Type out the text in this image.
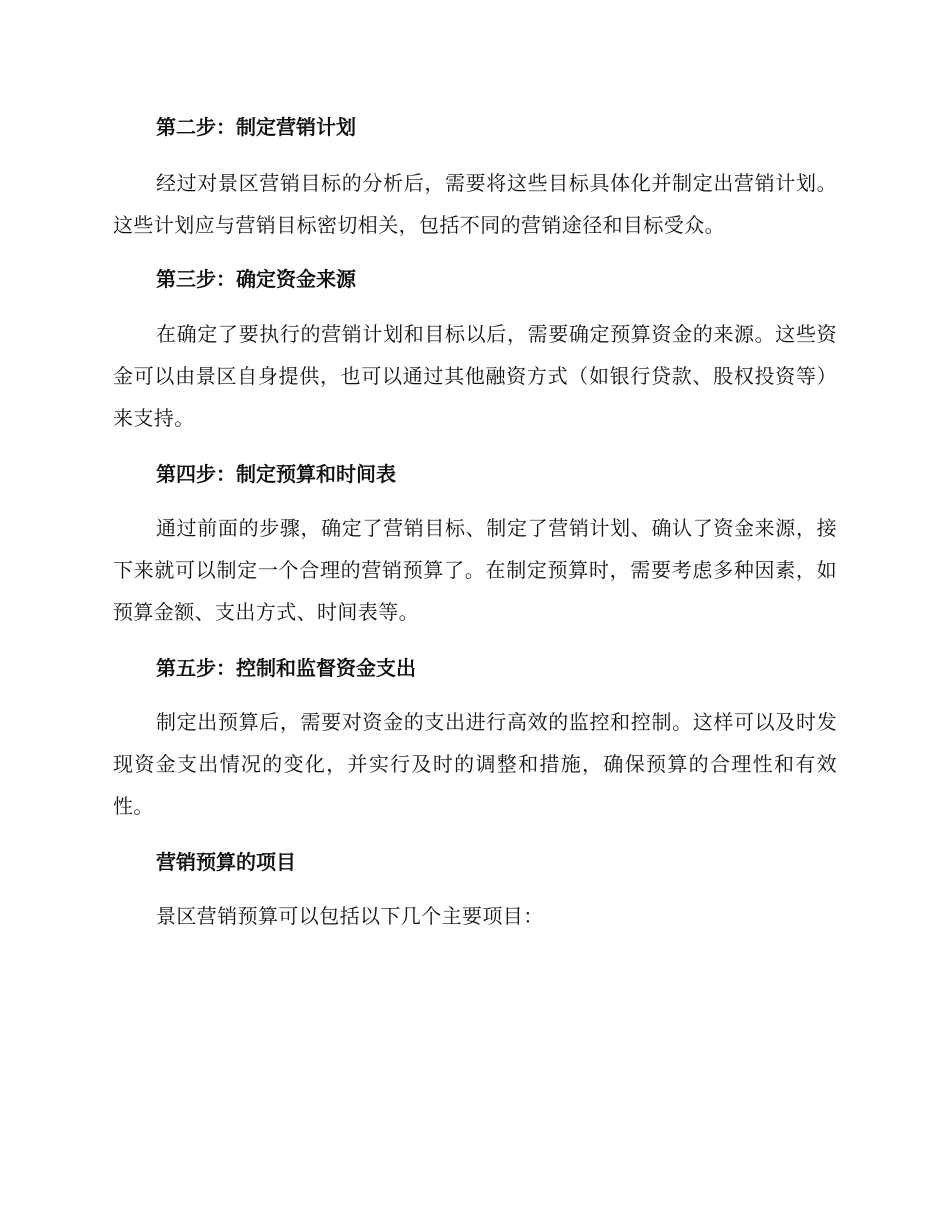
第二步：制定营销计划

经过对景区营销目标的分析后，需要将这些目标具体化并制定出营销计划。这些计划应与营销目标密切相关，包括不同的营销途径和目标受众。

第三步：确定资金来源

在确定了要执行的营销计划和目标以后，需要确定预算资金的来源。这些资金可以由景区自身提供，也可以通过其他融资方式（如银行贷款、股权投资等）来支持。

第四步：制定预算和时间表

通过前面的步骤，确定了营销目标、制定了营销计划、确认了资金来源，接下来就可以制定一个合理的营销预算了。在制定预算时，需要考虑多种因素，如预算金额、支出方式、时间表等。

第五步：控制和监督资金支出

制定出预算后，需要对资金的支出进行高效的监控和控制。这样可以及时发现资金支出情况的变化，并实行及时的调整和措施，确保预算的合理性和有效性。

营销预算的项目

景区营销预算可以包括以下几个主要项目：
